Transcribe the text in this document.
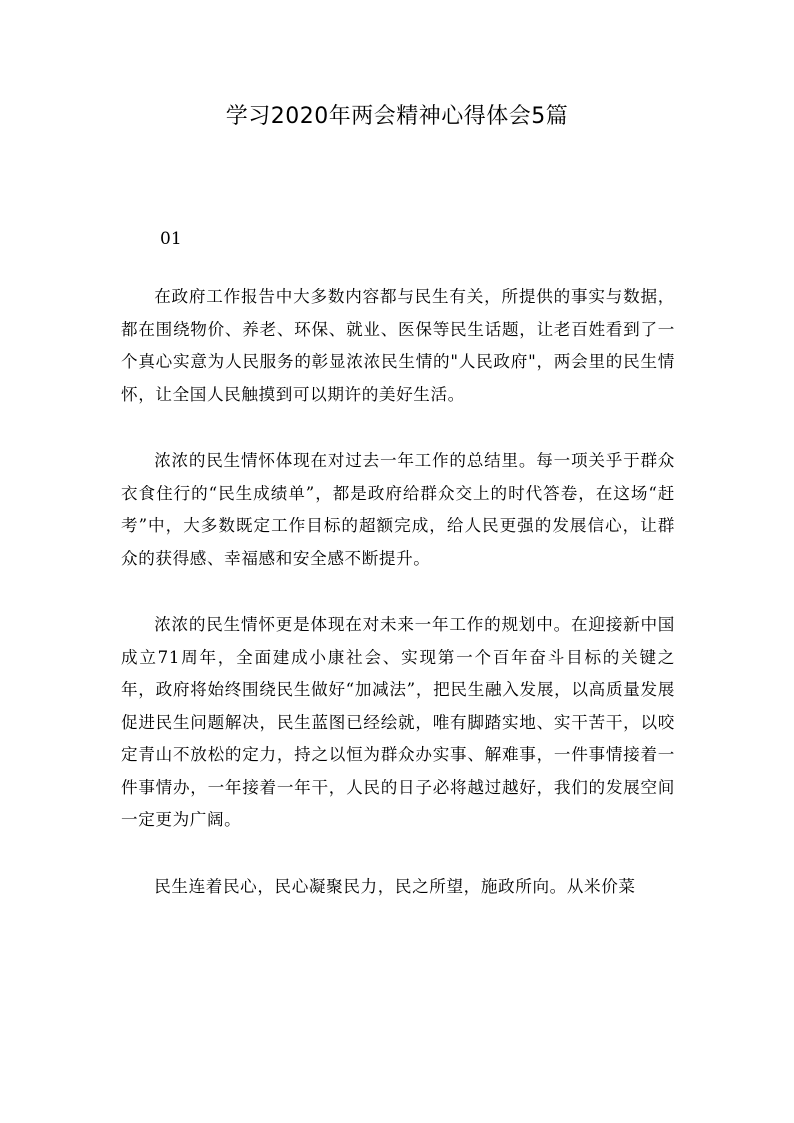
学习2020年两会精神心得体会5篇
01

在政府工作报告中大多数内容都与民生有关，所提供的事实与数据，都在围绕物价、养老、环保、就业、医保等民生话题，让老百姓看到了一个真心实意为人民服务的彰显浓浓民生情的"人民政府"，两会里的民生情怀，让全国人民触摸到可以期许的美好生活。

浓浓的民生情怀体现在对过去一年工作的总结里。每一项关乎于群众衣食住行的“民生成绩单”，都是政府给群众交上的时代答卷，在这场“赶考”中，大多数既定工作目标的超额完成，给人民更强的发展信心，让群众的获得感、幸福感和安全感不断提升。

浓浓的民生情怀更是体现在对未来一年工作的规划中。在迎接新中国成立71周年，全面建成小康社会、实现第一个百年奋斗目标的关键之年，政府将始终围绕民生做好“加减法”，把民生融入发展，以高质量发展促进民生问题解决，民生蓝图已经绘就，唯有脚踏实地、实干苦干，以咬定青山不放松的定力，持之以恒为群众办实事、解难事，一件事情接着一件事情办，一年接着一年干，人民的日子必将越过越好，我们的发展空间一定更为广阔。

民生连着民心，民心凝聚民力，民之所望，施政所向。从米价菜
